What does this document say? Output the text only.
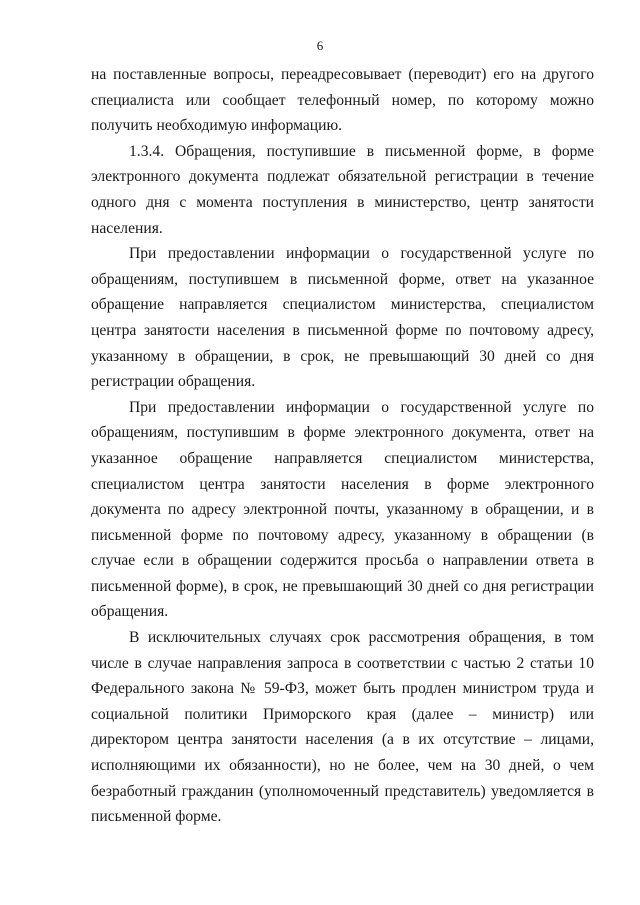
6

на поставленные вопросы, переадресовывает (переводит) его на другого специалиста или сообщает телефонный номер, по которому можно получить необходимую информацию.

1.3.4. Обращения, поступившие в письменной форме, в форме электронного документа подлежат обязательной регистрации в течение одного дня с момента поступления в министерство, центр занятости населения.

При предоставлении информации о государственной услуге по обращениям, поступившем в письменной форме, ответ на указанное обращение направляется специалистом министерства, специалистом центра занятости населения в письменной форме по почтовому адресу, указанному в обращении, в срок, не превышающий 30 дней со дня регистрации обращения.

При предоставлении информации о государственной услуге по обращениям, поступившим в форме электронного документа, ответ на указанное обращение направляется специалистом министерства, специалистом центра занятости населения в форме электронного документа по адресу электронной почты, указанному в обращении, и в письменной форме по почтовому адресу, указанному в обращении (в случае если в обращении содержится просьба о направлении ответа в письменной форме), в срок, не превышающий 30 дней со дня регистрации обращения.

В исключительных случаях срок рассмотрения обращения, в том числе в случае направления запроса в соответствии с частью 2 статьи 10 Федерального закона № 59-ФЗ, может быть продлен министром труда и социальной политики Приморского края (далее – министр) или директором центра занятости населения (а в их отсутствие – лицами, исполняющими их обязанности), но не более, чем на 30 дней, о чем безработный гражданин (уполномоченный представитель) уведомляется в письменной форме.
